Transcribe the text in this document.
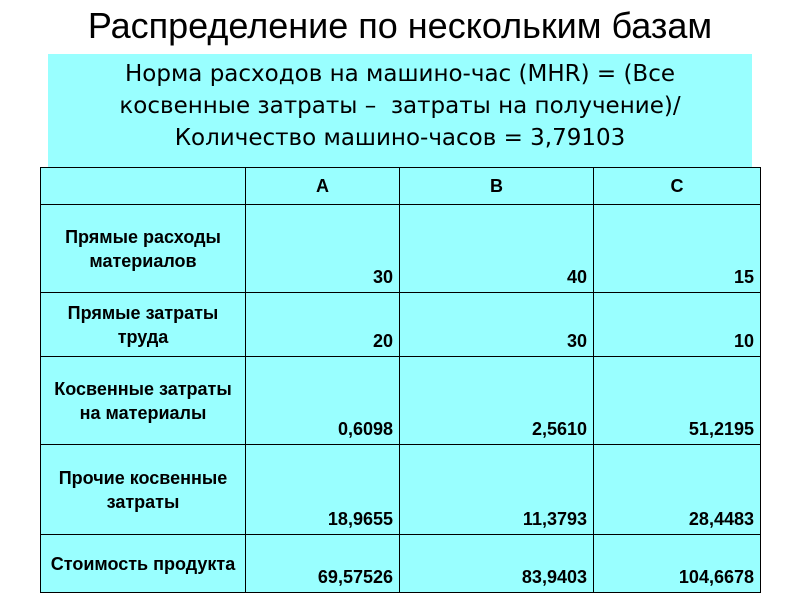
Распределение по нескольким базам

Норма расходов на машино-час (MHR) = (Все косвенные затраты –  затраты на получение)/Количество машино-часов = 3,79103

	A	B	C
Прямые расходы материалов	30	40	15
Прямые затраты труда	20	30	10
Косвенные затраты на материалы	0,6098	2,5610	51,2195
Прочие косвенные затраты	18,9655	11,3793	28,4483
Стоимость продукта	69,57526	83,9403	104,6678
